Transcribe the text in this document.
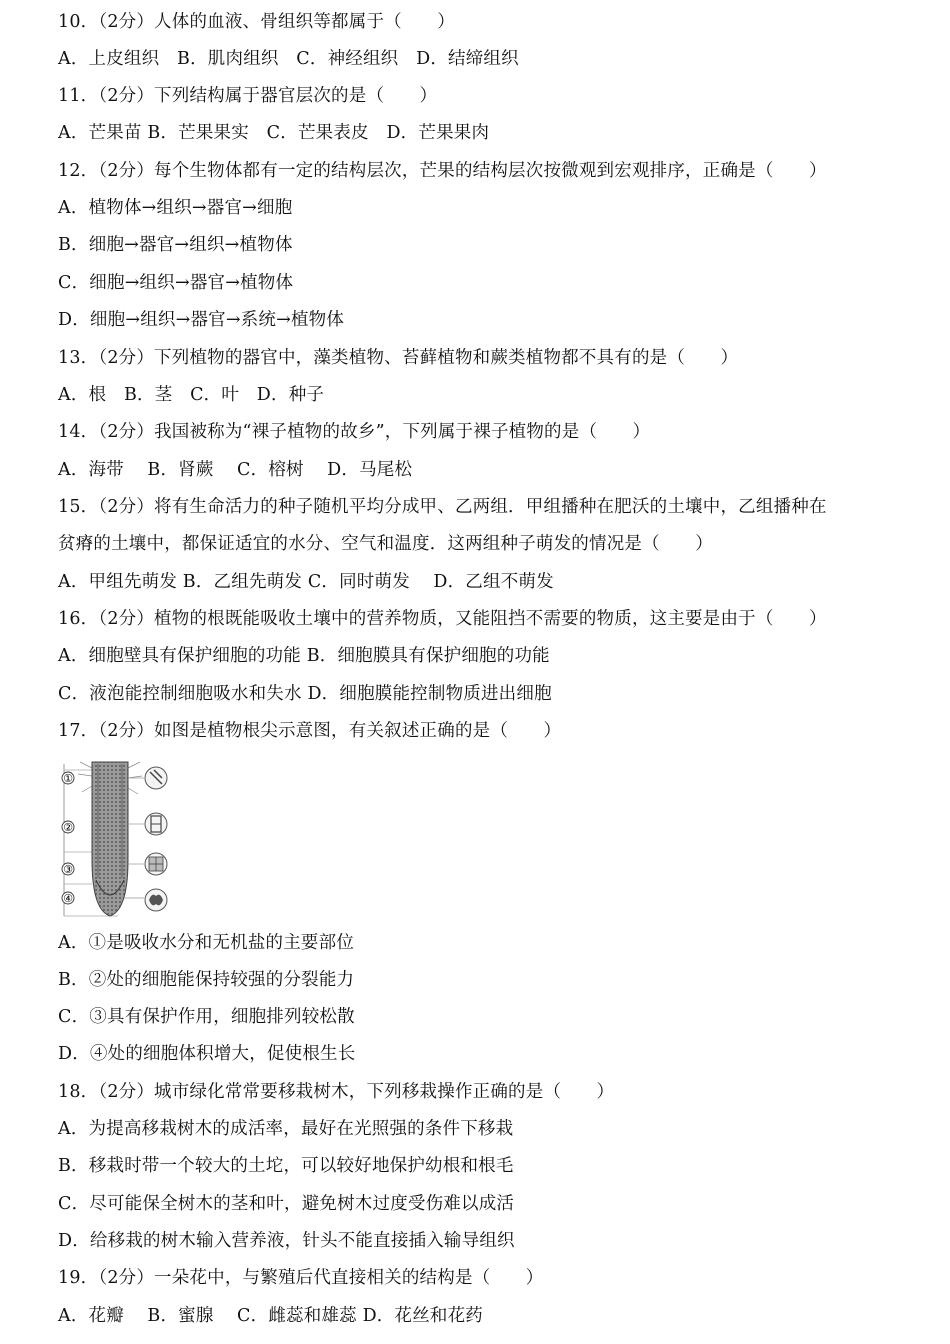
10．（2分）人体的血液、骨组织等都属于（　　）
A．上皮组织　B．肌肉组织　C．神经组织　D．结缔组织
11．（2分）下列结构属于器官层次的是（　　）
A．芒果苗 B．芒果果实　C．芒果表皮　D．芒果果肉
12．（2分）每个生物体都有一定的结构层次，芒果的结构层次按微观到宏观排序，正确是（　　）
A．植物体→组织→器官→细胞
B．细胞→器官→组织→植物体
C．细胞→组织→器官→植物体
D．细胞→组织→器官→系统→植物体
13．（2分）下列植物的器官中，藻类植物、苔藓植物和蕨类植物都不具有的是（　　）
A．根　B．茎　C．叶　D．种子
14．（2分）我国被称为“裸子植物的故乡”，下列属于裸子植物的是（　　）
A．海带　 B．肾蕨　 C．榕树　 D．马尾松
15．（2分）将有生命活力的种子随机平均分成甲、乙两组．甲组播种在肥沃的土壤中，乙组播种在
贫瘠的土壤中，都保证适宜的水分、空气和温度．这两组种子萌发的情况是（　　）
A．甲组先萌发 B．乙组先萌发 C．同时萌发　 D．乙组不萌发
16．（2分）植物的根既能吸收土壤中的营养物质，又能阻挡不需要的物质，这主要是由于（　　）
A．细胞壁具有保护细胞的功能 B．细胞膜具有保护细胞的功能
C．液泡能控制细胞吸水和失水 D．细胞膜能控制物质进出细胞
17．（2分）如图是植物根尖示意图，有关叙述正确的是（　　）
①
②
③
④
A．①是吸收水分和无机盐的主要部位
B．②处的细胞能保持较强的分裂能力
C．③具有保护作用，细胞排列较松散
D．④处的细胞体积增大，促使根生长
18．（2分）城市绿化常常要移栽树木，下列移栽操作正确的是（　　）
A．为提高移栽树木的成活率，最好在光照强的条件下移栽
B．移栽时带一个较大的土坨，可以较好地保护幼根和根毛
C．尽可能保全树木的茎和叶，避免树木过度受伤难以成活
D．给移栽的树木输入营养液，针头不能直接插入输导组织
19．（2分）一朵花中，与繁殖后代直接相关的结构是（　　）
A．花瓣　 B．蜜腺　 C．雌蕊和雄蕊 D．花丝和花药
